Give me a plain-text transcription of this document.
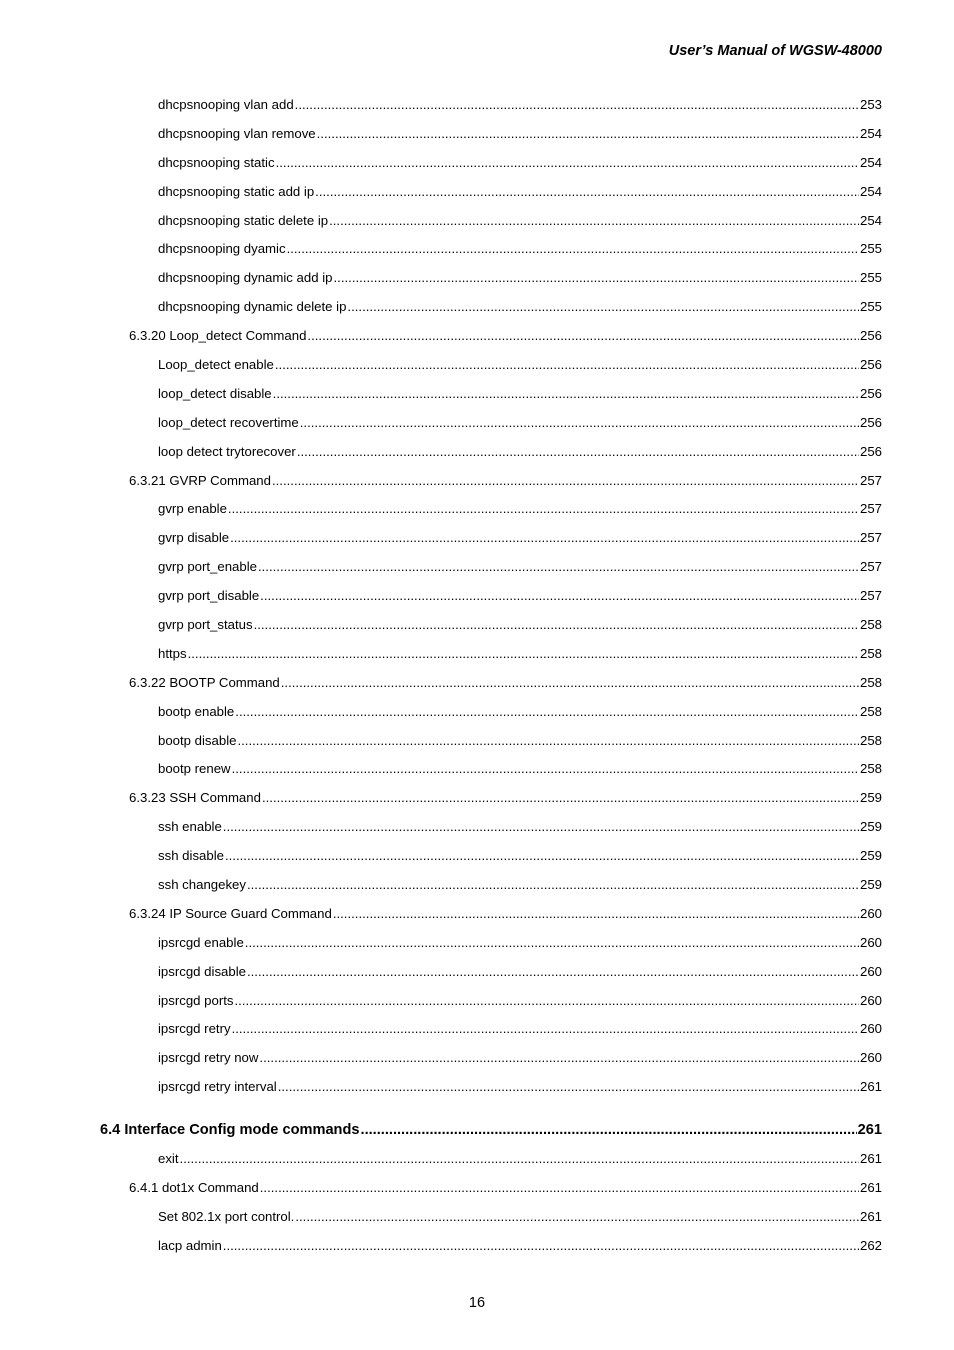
User’s Manual of WGSW-48000
dhcpsnooping vlan add .....	253
dhcpsnooping vlan remove .....	254
dhcpsnooping static .....	254
dhcpsnooping static add ip .....	254
dhcpsnooping static delete ip .....	254
dhcpsnooping dyamic .....	255
dhcpsnooping dynamic add ip .....	255
dhcpsnooping dynamic delete ip .....	255
6.3.20 Loop_detect Command .....	256
Loop_detect enable .....	256
loop_detect disable .....	256
loop_detect recovertime .....	256
loop detect trytorecover .....	256
6.3.21 GVRP Command .....	257
gvrp enable .....	257
gvrp disable .....	257
gvrp port_enable .....	257
gvrp port_disable .....	257
gvrp port_status .....	258
https .....	258
6.3.22 BOOTP Command .....	258
bootp enable .....	258
bootp disable .....	258
bootp renew .....	258
6.3.23 SSH Command .....	259
ssh enable .....	259
ssh disable .....	259
ssh changekey .....	259
6.3.24 IP Source Guard Command .....	260
ipsrcgd enable .....	260
ipsrcgd disable .....	260
ipsrcgd ports .....	260
ipsrcgd retry .....	260
ipsrcgd retry now .....	260
ipsrcgd retry interval .....	261
6.4 Interface Config mode commands .....	261
exit .....	261
6.4.1 dot1x Command .....	261
Set 802.1x port control. .....	261
lacp admin .....	262
16
